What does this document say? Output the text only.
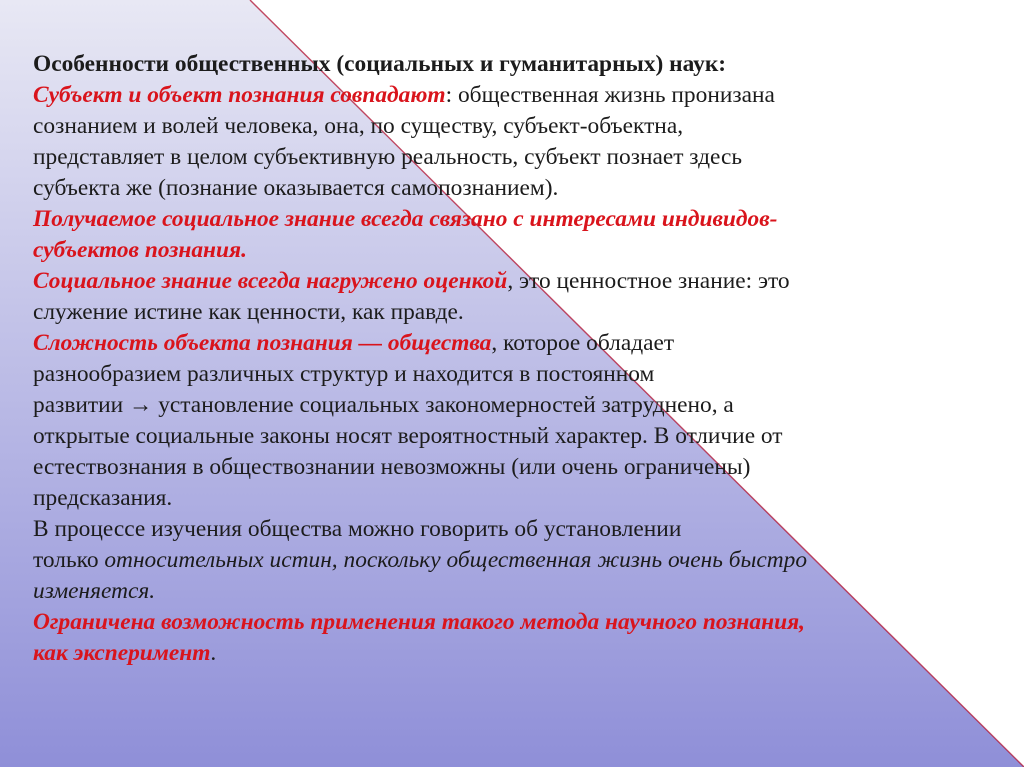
Особенности общественных (социальных и гуманитарных) наук:

Субъект и объект познания совпадают: общественная жизнь пронизана
сознанием и волей человека, она, по существу, субъект-объектна,
представляет в целом субъективную реальность, субъект познает здесь
субъекта же (познание оказывается самопознанием).

Получаемое социальное знание всегда связано с интересами индивидов-
субъектов познания.

Социальное знание всегда нагружено оценкой, это ценностное знание: это
служение истине как ценности, как правде.

Сложность объекта познания — общества, которое обладает
разнообразием различных структур и находится в постоянном
развитии → установление социальных закономерностей затруднено, а
открытые социальные законы носят вероятностный характер. В отличие от
естествознания в обществознании невозможны (или очень ограничены)
предсказания.

В процессе изучения общества можно говорить об установлении
только относительных истин, поскольку общественная жизнь очень быстро
изменяется.

Ограничена возможность применения такого метода научного познания,
как эксперимент.
